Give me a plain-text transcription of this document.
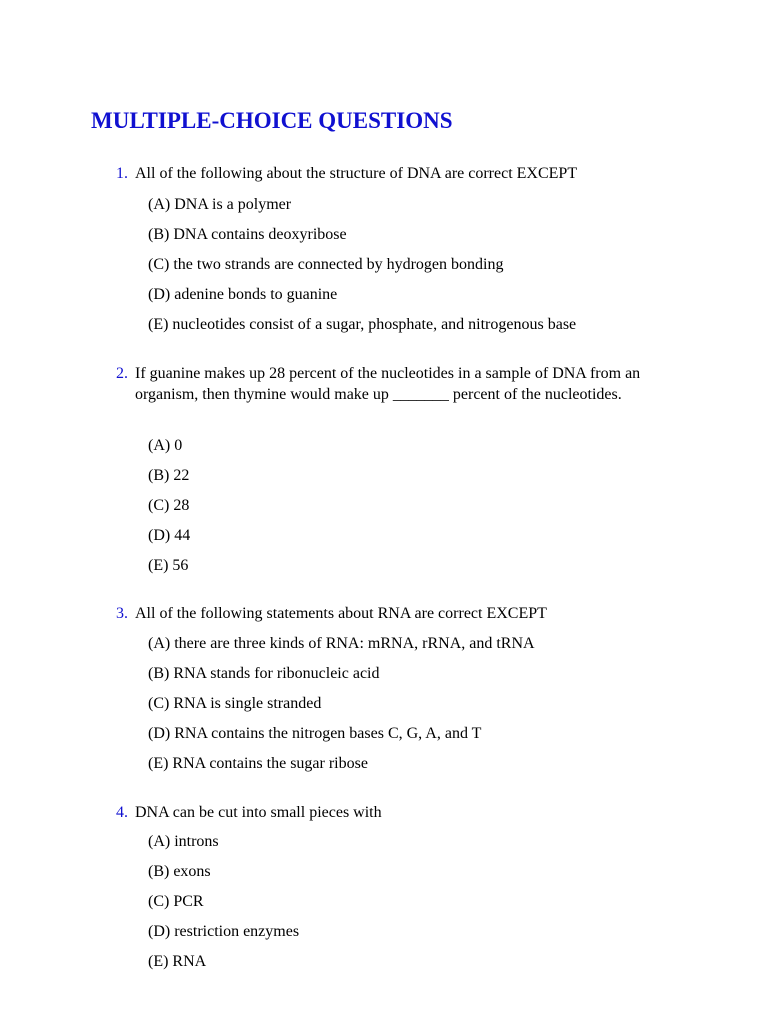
MULTIPLE-CHOICE QUESTIONS
1. All of the following about the structure of DNA are correct EXCEPT
(A) DNA is a polymer
(B) DNA contains deoxyribose
(C) the two strands are connected by hydrogen bonding
(D) adenine bonds to guanine
(E) nucleotides consist of a sugar, phosphate, and nitrogenous base
2. If guanine makes up 28 percent of the nucleotides in a sample of DNA from an organism, then thymine would make up _______ percent of the nucleotides.
(A) 0
(B) 22
(C) 28
(D) 44
(E) 56
3. All of the following statements about RNA are correct EXCEPT
(A) there are three kinds of RNA: mRNA, rRNA, and tRNA
(B) RNA stands for ribonucleic acid
(C) RNA is single stranded
(D) RNA contains the nitrogen bases C, G, A, and T
(E) RNA contains the sugar ribose
4. DNA can be cut into small pieces with
(A) introns
(B) exons
(C) PCR
(D) restriction enzymes
(E) RNA
